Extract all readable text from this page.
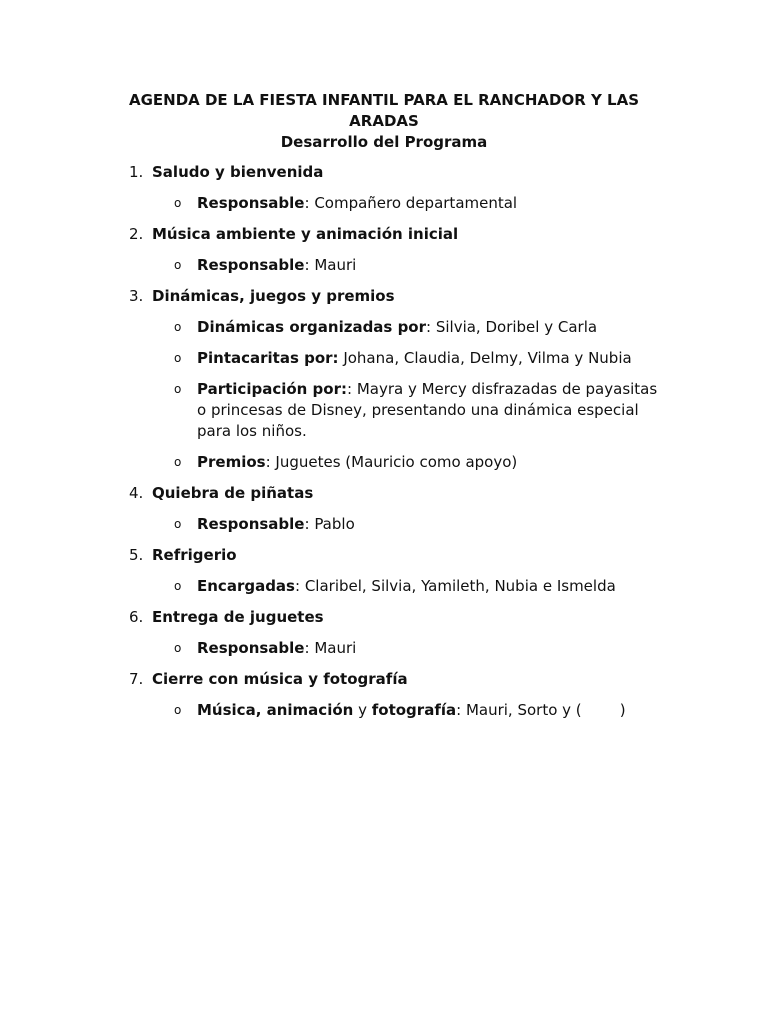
AGENDA DE LA FIESTA INFANTIL PARA EL RANCHADOR Y LAS ARADAS
Desarrollo del Programa
1. Saludo y bienvenida
o Responsable: Compañero departamental
2. Música ambiente y animación inicial
o Responsable: Mauri
3. Dinámicas, juegos y premios
o Dinámicas organizadas por: Silvia, Doribel y Carla
o Pintacaritas por: Johana, Claudia, Delmy, Vilma y Nubia
o Participación por:: Mayra y Mercy disfrazadas de payasitas o princesas de Disney, presentando una dinámica especial para los niños.
o Premios: Juguetes (Mauricio como apoyo)
4. Quiebra de piñatas
o Responsable: Pablo
5. Refrigerio
o Encargadas: Claribel, Silvia, Yamileth, Nubia e Ismelda
6. Entrega de juguetes
o Responsable: Mauri
7. Cierre con música y fotografía
o Música, animación y fotografía: Mauri, Sorto y (        )
